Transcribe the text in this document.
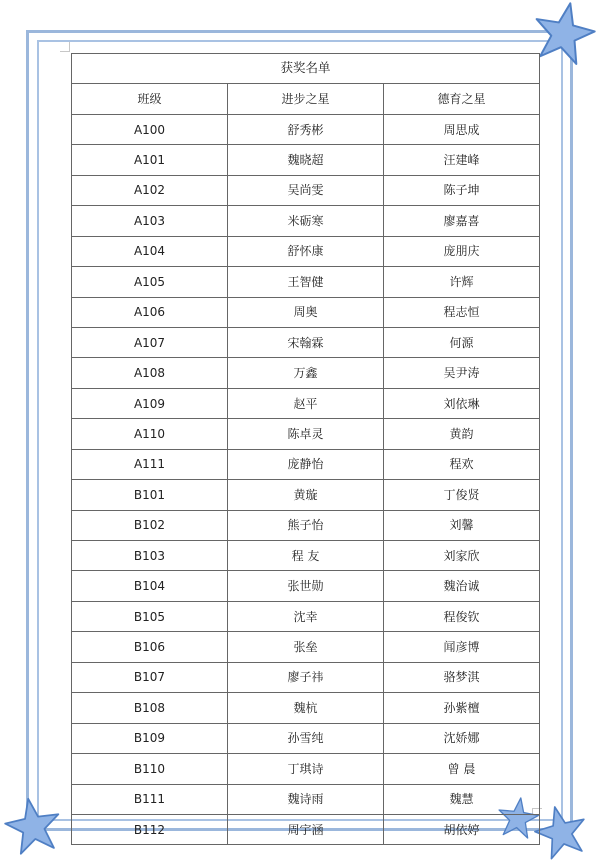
获奖名单		
班级	进步之星	德育之星
A100	舒秀彬	周思成
A101	魏晓超	汪建峰
A102	吴尚雯	陈子坤
A103	米砺寒	廖嘉喜
A104	舒怀康	庞朋庆
A105	王智健	许辉
A106	周奥	程志恒
A107	宋翰霖	何源
A108	万鑫	吴尹涛
A109	赵平	刘依琳
A110	陈卓灵	黄韵
A111	庞静怡	程欢
B101	黄璇	丁俊贤
B102	熊子怡	刘馨
B103	程 友	刘家欣
B104	张世勋	魏治诚
B105	沈幸	程俊钦
B106	张垒	闻彦博
B107	廖子祎	骆梦淇
B108	魏杭	孙紫檀
B109	孙雪纯	沈娇娜
B110	丁琪诗	曾 晨
B111	魏诗雨	魏慧
B112	周宇涵	胡依婷
